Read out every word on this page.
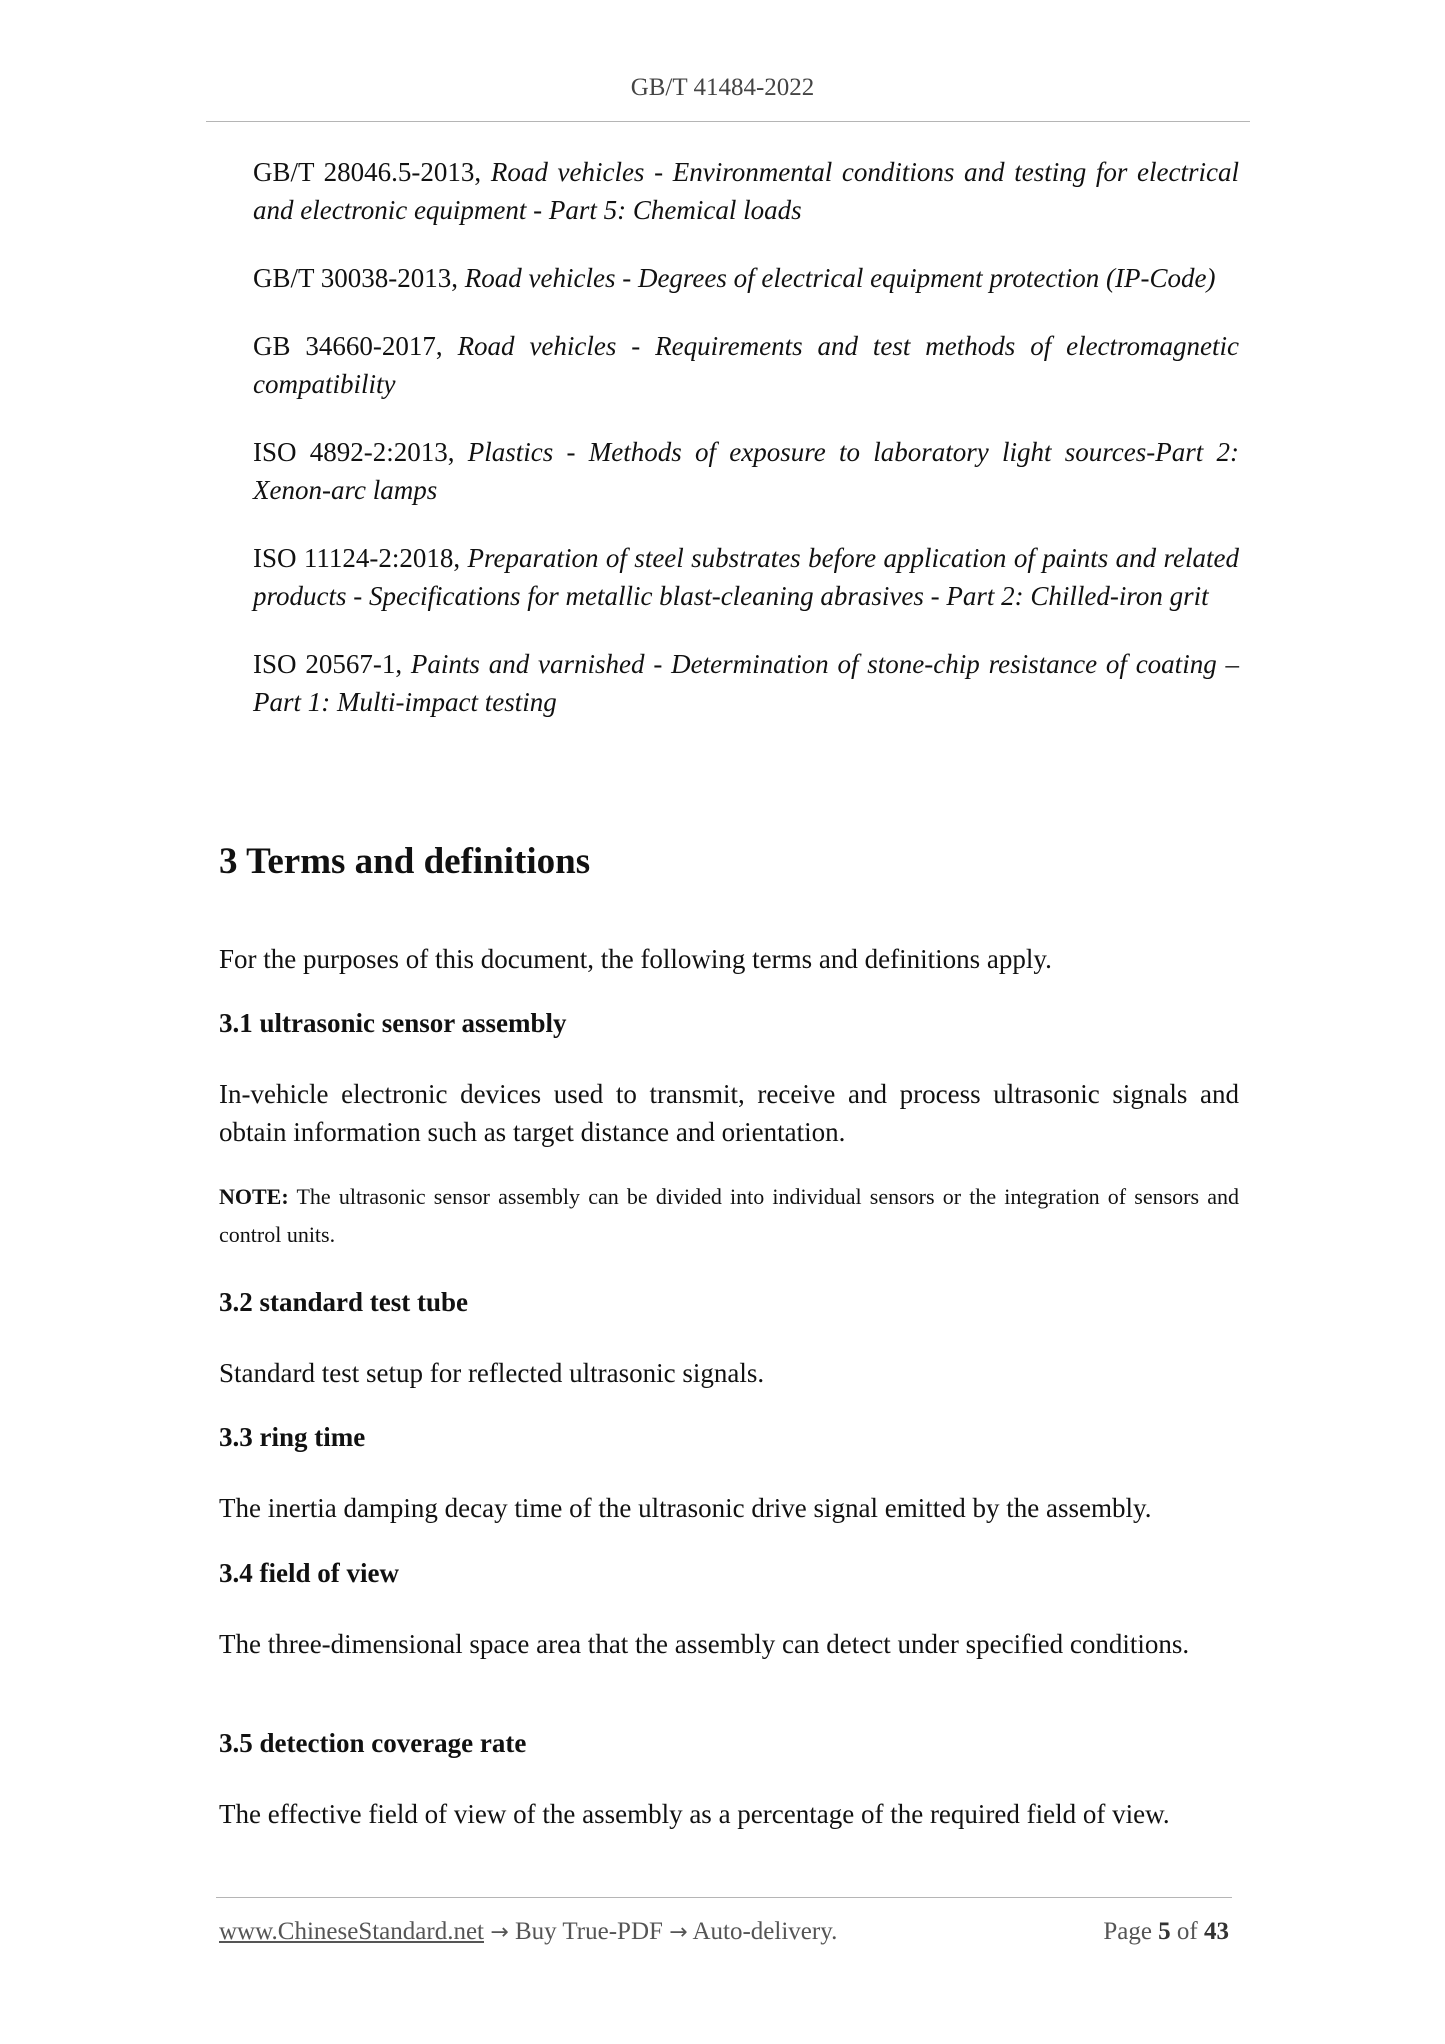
GB/T 41484-2022

GB/T 28046.5-2013, Road vehicles - Environmental conditions and testing for electrical and electronic equipment - Part 5: Chemical loads

GB/T 30038-2013, Road vehicles - Degrees of electrical equipment protection (IP-Code)

GB 34660-2017, Road vehicles - Requirements and test methods of electromagnetic compatibility

ISO 4892-2:2013, Plastics - Methods of exposure to laboratory light sources-Part 2: Xenon-arc lamps

ISO 11124-2:2018, Preparation of steel substrates before application of paints and related products - Specifications for metallic blast-cleaning abrasives - Part 2: Chilled-iron grit

ISO 20567-1, Paints and varnished - Determination of stone-chip resistance of coating – Part 1: Multi-impact testing

3 Terms and definitions

For the purposes of this document, the following terms and definitions apply.

3.1 ultrasonic sensor assembly

In-vehicle electronic devices used to transmit, receive and process ultrasonic signals and obtain information such as target distance and orientation.

NOTE: The ultrasonic sensor assembly can be divided into individual sensors or the integration of sensors and control units.

3.2 standard test tube

Standard test setup for reflected ultrasonic signals.

3.3 ring time

The inertia damping decay time of the ultrasonic drive signal emitted by the assembly.

3.4 field of view

The three-dimensional space area that the assembly can detect under specified conditions.

3.5 detection coverage rate

The effective field of view of the assembly as a percentage of the required field of view.

www.ChineseStandard.net → Buy True-PDF → Auto-delivery.	Page 5 of 43
